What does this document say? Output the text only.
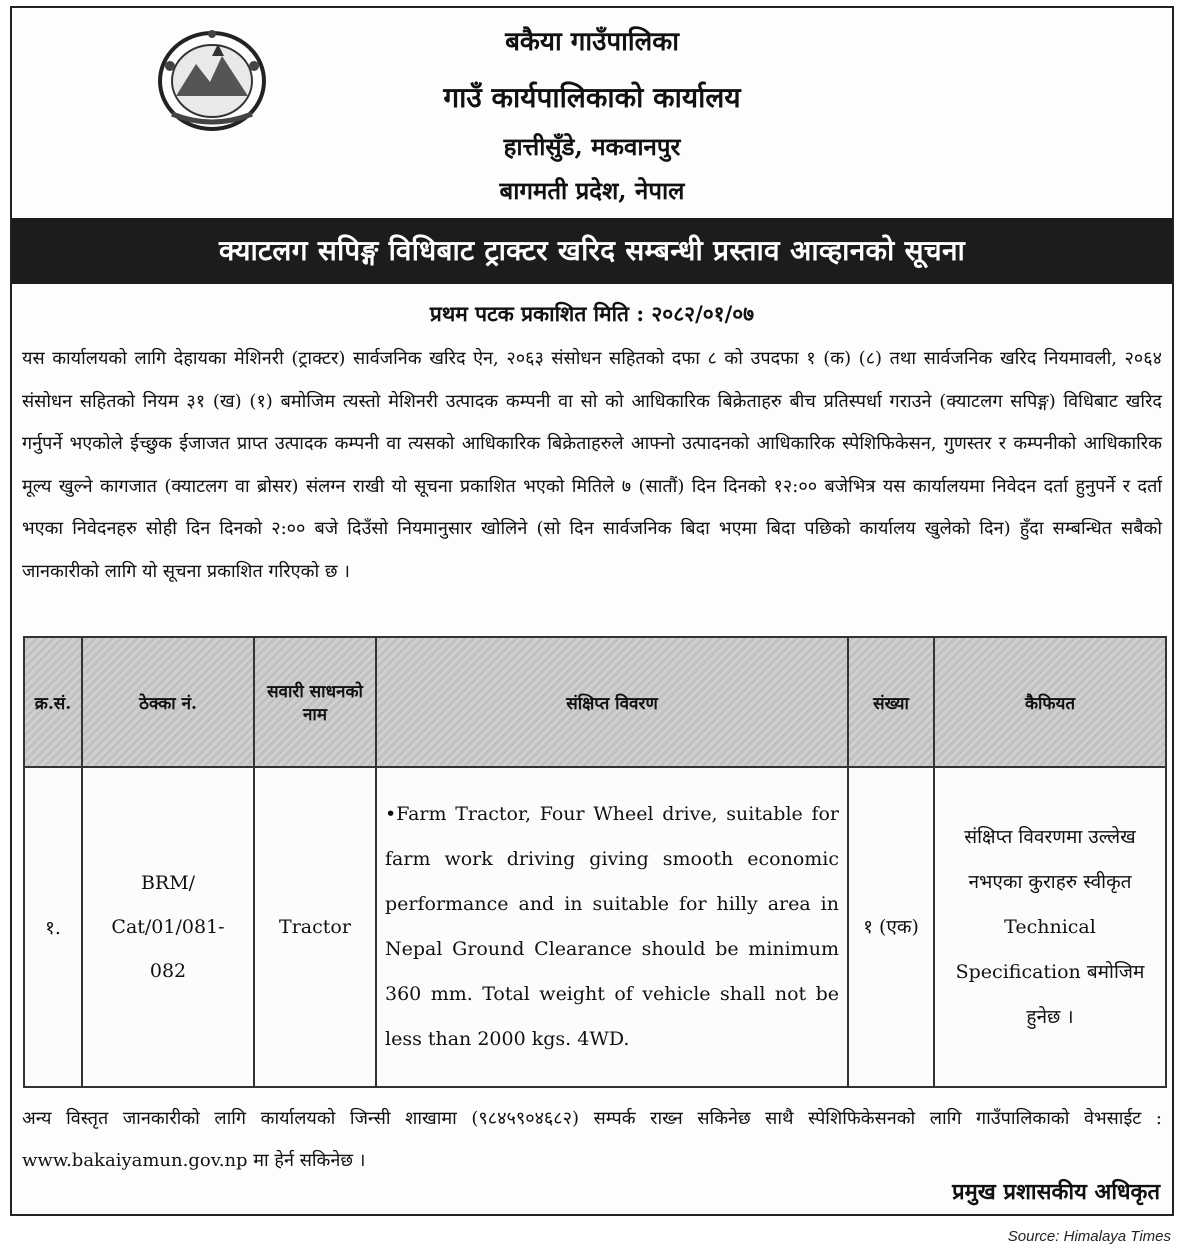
बकैया गाउँपालिका
गाउँ कार्यपालिकाको कार्यालय
हात्तीसुँडे, मकवानपुर
बागमती प्रदेश, नेपाल
क्याटलग सपिङ्ग विधिबाट ट्राक्टर खरिद सम्बन्धी प्रस्ताव आव्हानको सूचना
प्रथम पटक प्रकाशित मिति : २०८२/०१/०७
यस कार्यालयको लागि देहायका मेशिनरी (ट्राक्टर) सार्वजनिक खरिद ऐन, २०६३ संसोधन सहितको दफा ८ को उपदफा १ (क) (८) तथा सार्वजनिक खरिद नियमावली, २०६४ संसोधन सहितको नियम ३१ (ख) (१) बमोजिम त्यस्तो मेशिनरी उत्पादक कम्पनी वा सो को आधिकारिक बिक्रेताहरु बीच प्रतिस्पर्धा गराउने (क्याटलग सपिङ्ग) विधिबाट खरिद गर्नुपर्ने भएकोले ईच्छुक ईजाजत प्राप्त उत्पादक कम्पनी वा त्यसको आधिकारिक बिक्रेताहरुले आफ्नो उत्पादनको आधिकारिक स्पेशिफिकेसन, गुणस्तर र कम्पनीको आधिकारिक मूल्य खुल्ने कागजात (क्याटलग वा ब्रोसर) संलग्न राखी यो सूचना प्रकाशित भएको मितिले ७ (सातौं) दिन दिनको १२:०० बजेभित्र यस कार्यालयमा निवेदन दर्ता हुनुपर्ने र दर्ता भएका निवेदनहरु सोही दिन दिनको २:०० बजे दिउँसो नियमानुसार खोलिने (सो दिन सार्वजनिक बिदा भएमा बिदा पछिको कार्यालय खुलेको दिन) हुँदा सम्बन्धित सबैको जानकारीको लागि यो सूचना प्रकाशित गरिएको छ ।
क्र.सं.	ठेक्का नं.	सवारी साधनको नाम	संक्षिप्त विवरण	संख्या	कैफियत
१.	BRM/ Cat/01/081-082	Tractor	•Farm Tractor, Four Wheel drive, suitable for farm work driving giving smooth economic performance and in suitable for hilly area in Nepal Ground Clearance should be minimum 360 mm. Total weight of vehicle shall not be less than 2000 kgs. 4WD.	१ (एक)	संक्षिप्त विवरणमा उल्लेख नभएका कुराहरु स्वीकृत Technical Specification बमोजिम हुनेछ ।
अन्य विस्तृत जानकारीको लागि कार्यालयको जिन्सी शाखामा (९८४५९०४६८२) सम्पर्क राख्न सकिनेछ साथै स्पेशिफिकेसनको लागि गाउँपालिकाको वेभसाईट : www.bakaiyamun.gov.np मा हेर्न सकिनेछ ।
प्रमुख प्रशासकीय अधिकृत
Source: Himalaya Times
